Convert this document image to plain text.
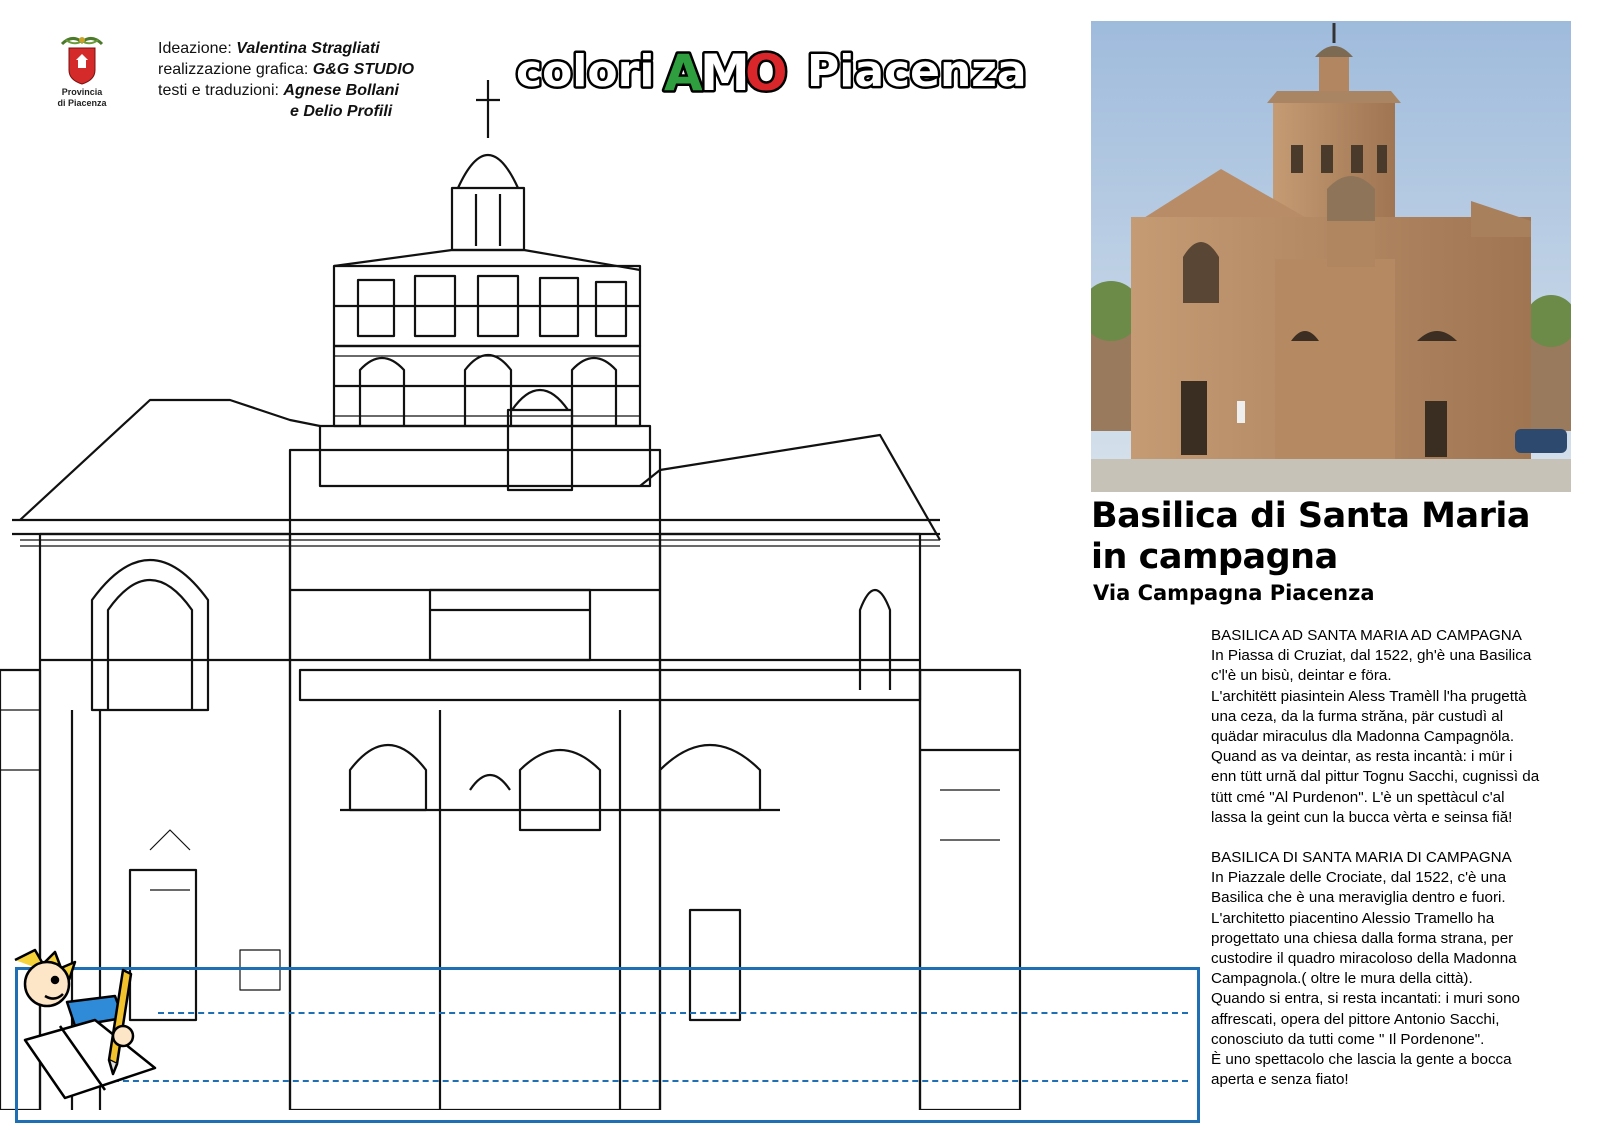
Provincia
di Piacenza
Ideazione: Valentina Stragliati
realizzazione grafica: G&G STUDIO
testi e traduzioni: Agnese Bollani
e Delio Profili
colori A
M
O Piacenza
Basilica di Santa Maria
in campagna
Via Campagna Piacenza

BASILICA AD SANTA MARIA AD CAMPAGNA

In Piassa di Cruziat, dal 1522, gh'è una Basilica

c'l'è un bisù, deintar e föra.

L'architëtt piasintein Aless Tramèll l'ha prugettà

una ceza, da la furma străna, pär custudì al

quädar miraculus dla Madonna Campagnöla.

Quand as va deintar, as resta incantà: i mür i

enn tütt urnă dal pittur Tognu Sacchi, cugnissì da

tütt cmé "Al Purdenon". L'è un spettàcul c'al

lassa la geint cun la bucca vèrta e seinsa fiă!

BASILICA DI SANTA MARIA DI CAMPAGNA

In Piazzale delle Crociate, dal 1522, c'è una

Basilica che è una meraviglia dentro e fuori.

L'architetto piacentino Alessio Tramello ha

progettato una chiesa dalla forma strana, per

custodire il quadro miracoloso della Madonna

Campagnola.( oltre le mura della città).

Quando si entra, si resta incantati: i muri sono

affrescati, opera del pittore Antonio Sacchi,

conosciuto da tutti come " Il Pordenone".

È uno spettacolo che lascia la gente a bocca

aperta e senza fiato!
